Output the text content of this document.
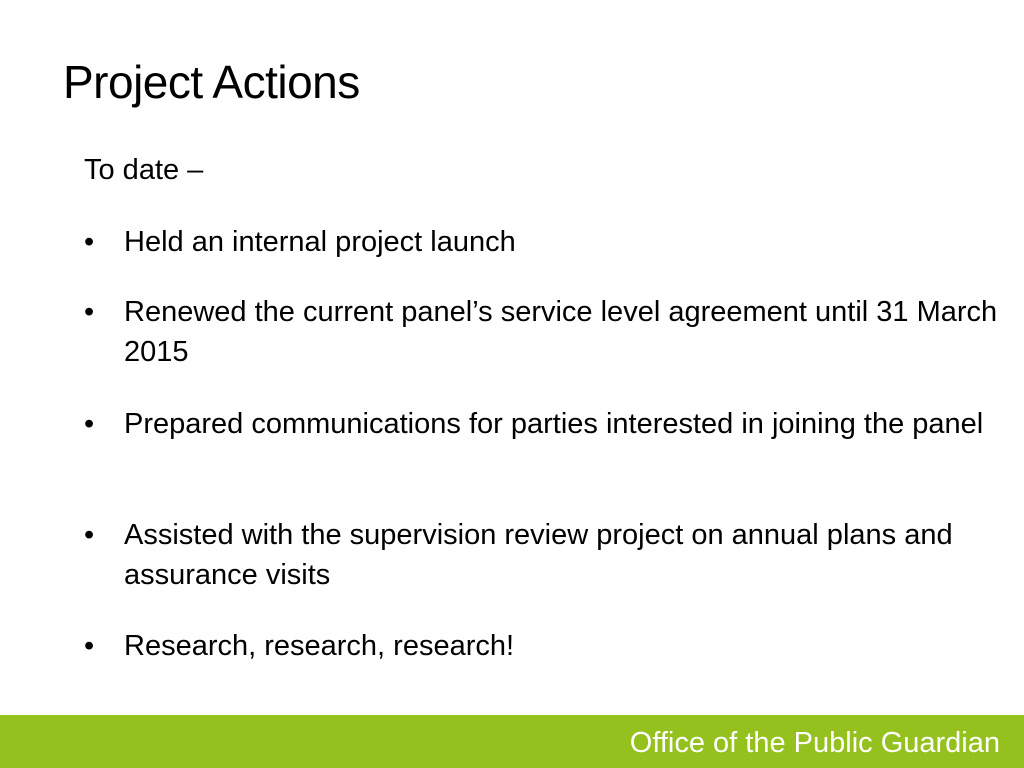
Project Actions
To date –
•	Held an internal project launch
•	Renewed the current panel’s service level agreement until 31 March 2015
•	Prepared communications for parties interested in joining the panel
•	Assisted with the supervision review project on annual plans and assurance visits
•	Research, research, research!
Office of the Public Guardian
